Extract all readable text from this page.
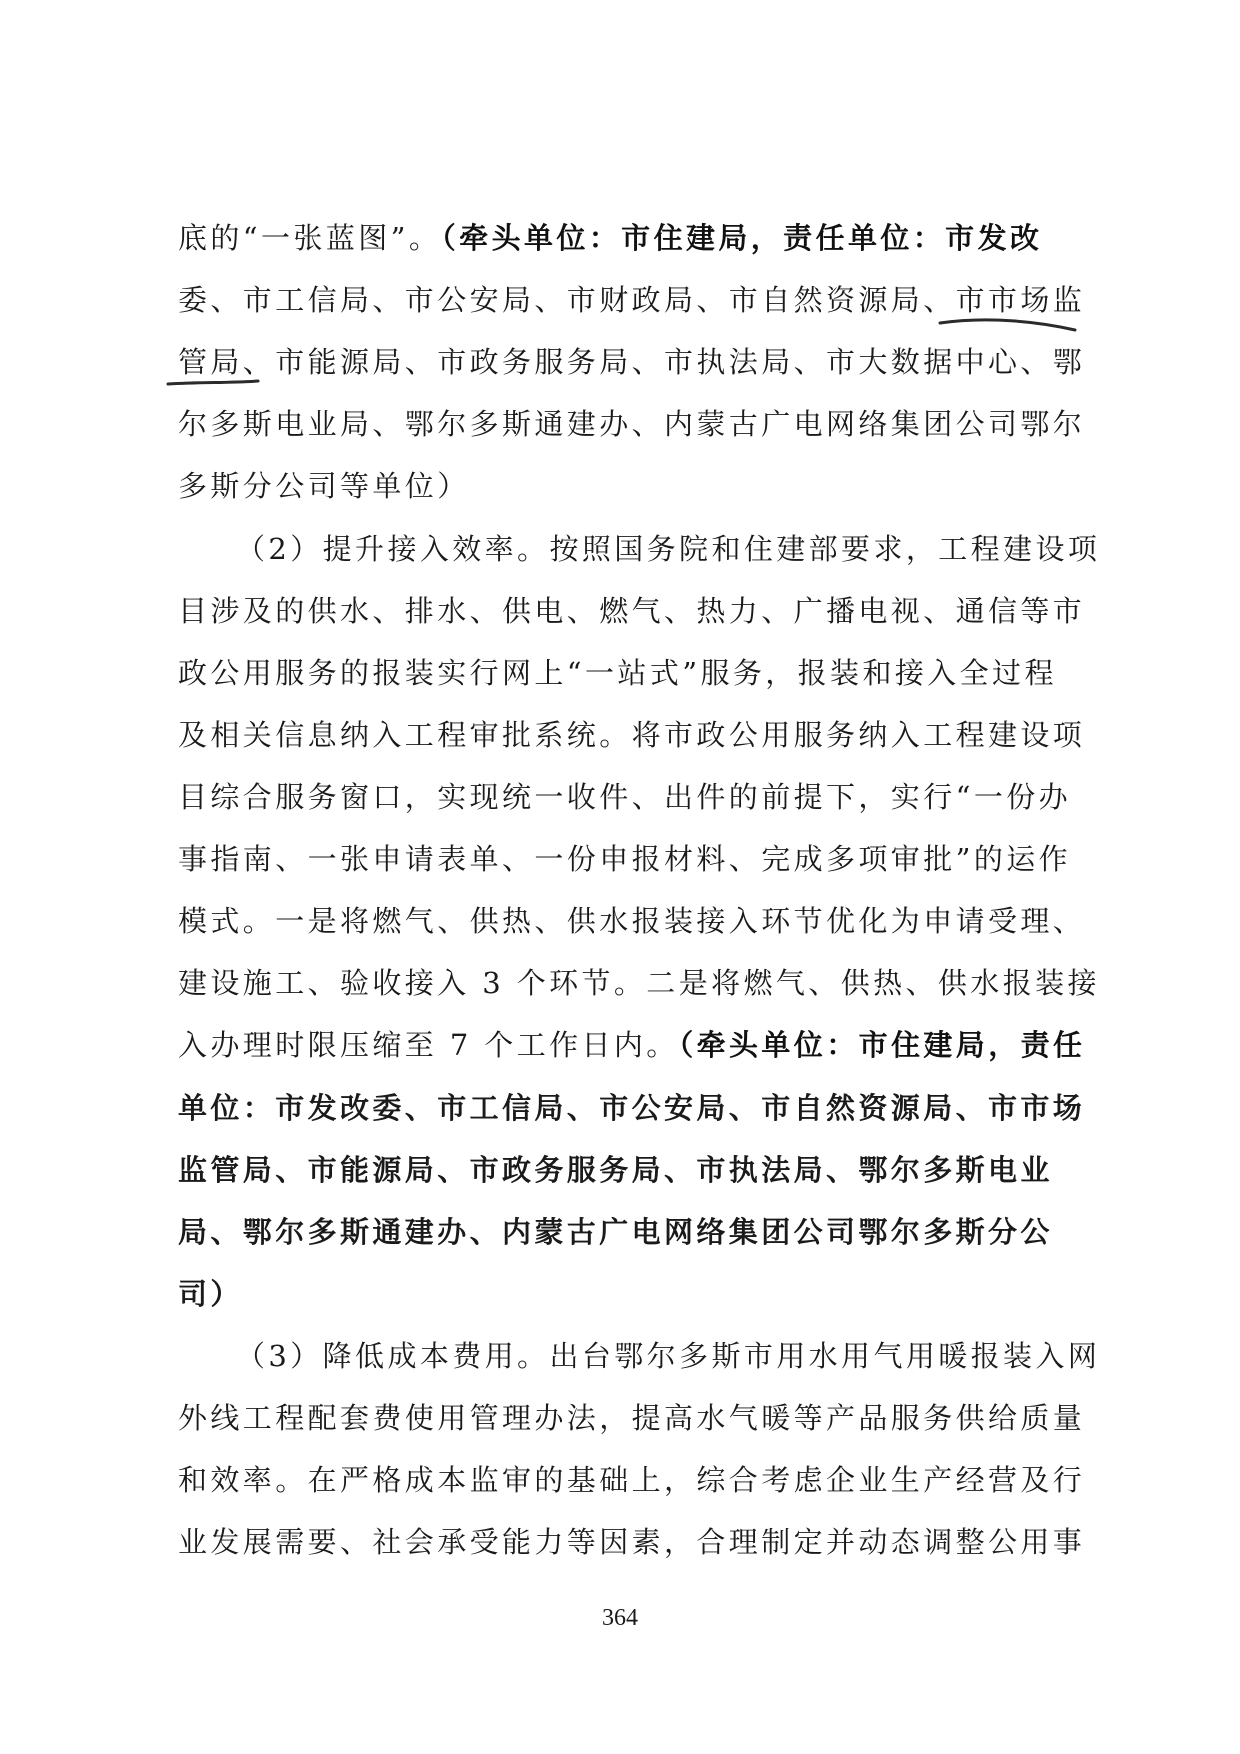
底的“一张蓝图”。（牵头单位：市住建局，责任单位：市发改
委、市工信局、市公安局、市财政局、市自然资源局、市市场监
管局、市能源局、市政务服务局、市执法局、市大数据中心、鄂
尔多斯电业局、鄂尔多斯通建办、内蒙古广电网络集团公司鄂尔
多斯分公司等单位）
（2）提升接入效率。按照国务院和住建部要求，工程建设项
目涉及的供水、排水、供电、燃气、热力、广播电视、通信等市
政公用服务的报装实行网上“一站式”服务，报装和接入全过程
及相关信息纳入工程审批系统。将市政公用服务纳入工程建设项
目综合服务窗口，实现统一收件、出件的前提下，实行“一份办
事指南、一张申请表单、一份申报材料、完成多项审批”的运作
模式。一是将燃气、供热、供水报装接入环节优化为申请受理、
建设施工、验收接入 3 个环节。二是将燃气、供热、供水报装接
入办理时限压缩至 7 个工作日内。（牵头单位：市住建局，责任
单位：市发改委、市工信局、市公安局、市自然资源局、市市场
监管局、市能源局、市政务服务局、市执法局、鄂尔多斯电业
局、鄂尔多斯通建办、内蒙古广电网络集团公司鄂尔多斯分公
司）
（3）降低成本费用。出台鄂尔多斯市用水用气用暖报装入网
外线工程配套费使用管理办法，提高水气暖等产品服务供给质量
和效率。在严格成本监审的基础上，综合考虑企业生产经营及行
业发展需要、社会承受能力等因素，合理制定并动态调整公用事
364
